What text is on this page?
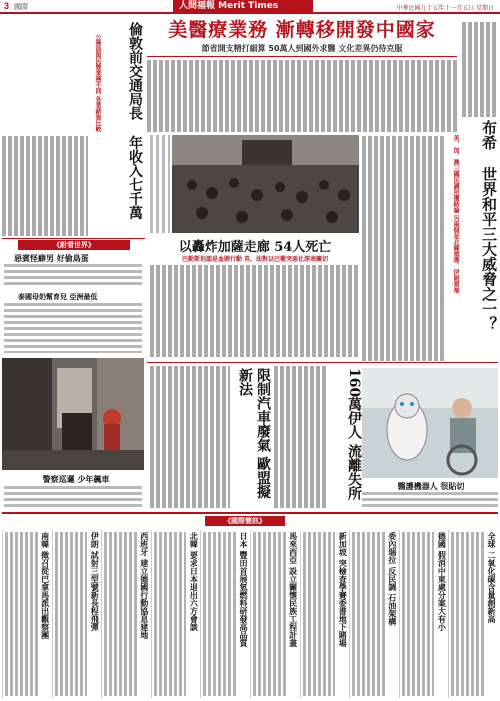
3 國際	人間福報 Merit Times	中華民國九十五年十一月五日 星期日
倫敦前交通局長  年收入七千萬
公務員與民營業務不同 各業薪資比較
《紛看世界》
惡賓怪癖男 好偷鳥蛋
泰國母奶幫育兒 亞洲最低
警察巡邏 少年飆車
美醫療業務 漸轉移開發中國家
節省開支精打細算 50萬人到國外求醫 文化差異仍待克服
布希  世界和平三大威脅之一？
英、加、澳三國民調所獲結論 另兩個是北韓領導、伊朗領袖
以轟炸加薩走廊 54人死亡
巴勒斯坦認是血腥行動 英、法對以巴衝突惡化深表關切
限制汽車廢氣 歐盟擬新法	160萬伊人 流離失所	醫護機器人 很貼切
《國際簡訊》
全球 二氧化碳含量創新高
德國 假消中東處分案大有小
委內瑞拉 反民調 石油架構
新加坡 突檢查學賽委書地下賭場
馬來西亞 設立關懷民族工程計畫
日本 豐田首展氫燃料研發高品質
北韓 要求日本退出六方會談
西班牙 建立德國行動協息建地
伊朗 試射三型號新長程飛彈
南韓 徵召從巴拿馬派出觀察團
